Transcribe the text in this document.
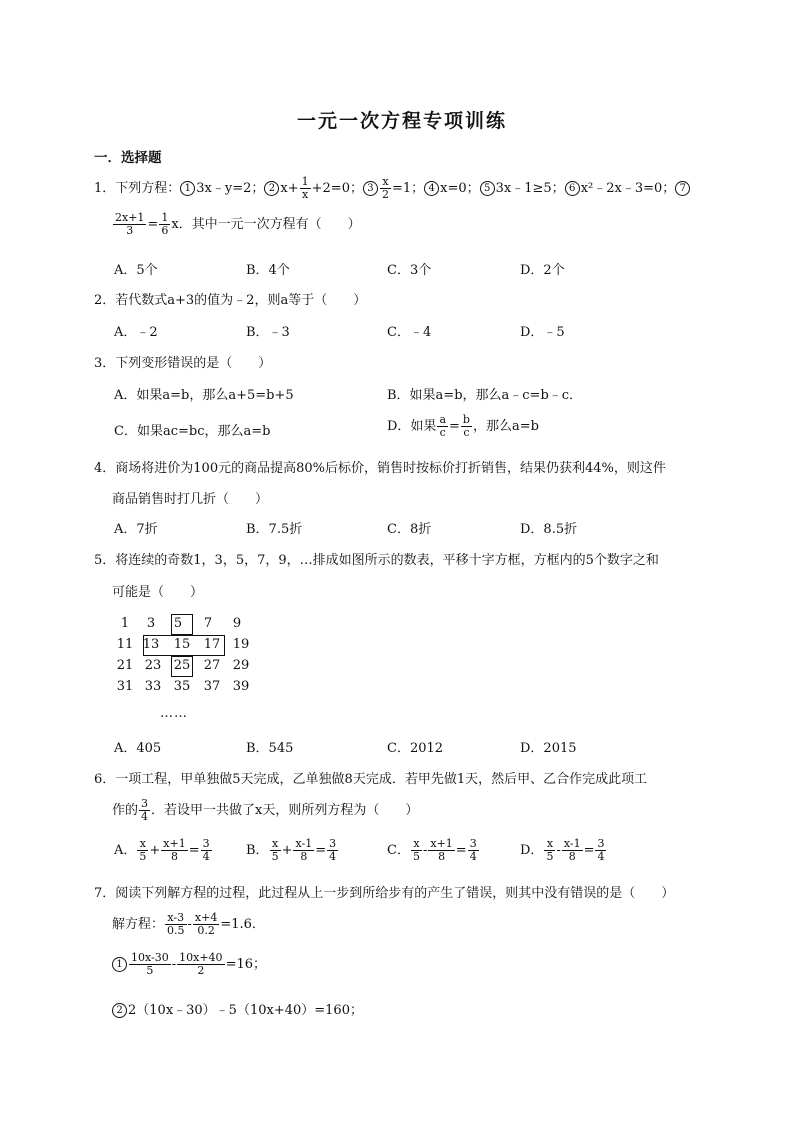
一元一次方程专项训练
一．选择题
1．下列方程： 1 3x﹣y=2； 2 $x+ \frac{1}{x} +2=0$； $3 \frac{x}{2} =1$； 4 x=0； 5 3x﹣1≥5； 6 x²﹣2x﹣3=0； 7
$\frac{2x+1}{3} = \frac{1}{6}$ x．其中一元一次方程有（　　）
A．5个	B．4个	C．3个	D．2个
2．若代数式a+3的值为﹣2，则a等于（　　）
A．﹣2	B．﹣3	C．﹣4	D．﹣5
3．下列变形错误的是（　　）
A．如果a=b，那么a+5=b+5	B．如果a=b，那么a﹣c=b﹣c．
C．如果ac=bc，那么a=b	D．如果 $\frac{a}{c} = \frac{b}{c}$ ，那么a=b
4．商场将进价为100元的商品提高80%后标价，销售时按标价打折销售，结果仍获利44%，则这件
商品销售时打几折（　　）
A．7折	B．7.5折	C．8折	D．8.5折
5．将连续的奇数1，3，5，7，9，…排成如图所示的数表，平移十字方框，方框内的5个数字之和
可能是（　　）
1	3	5	7	9
11 13	15	17 19
21 23 25	27 29
31 33 35	37 39
……
A．405	B．545	C．2012	D．2015
6．一项工程，甲单独做5天完成，乙单独做8天完成．若甲先做1天，然后甲、乙合作完成此项工
作的 $\frac{3}{4}$ ．若设甲一共做了x天，则所列方程为（　　）
A． $\frac{x}{5} + \frac{x+1}{8} = \frac{3}{4}$	B． $\frac{x}{5} + \frac{x-1}{8} = \frac{3}{4}$	C． $\frac{x}{5} - \frac{x+1}{8} = \frac{3}{4}$	D． $\frac{x}{5} - \frac{x-1}{8} = \frac{3}{4}$
7．阅读下列解方程的过程，此过程从上一步到所给步有的产生了错误，则其中没有错误的是（　　）
解方程： $\frac{x-3}{0.5} - \frac{x+4}{0.2} =1.6$．
$1 \frac{10x-30}{5} - \frac{10x+40}{2} =16$；
2 2（10x﹣30）﹣5（10x+40）=160；
